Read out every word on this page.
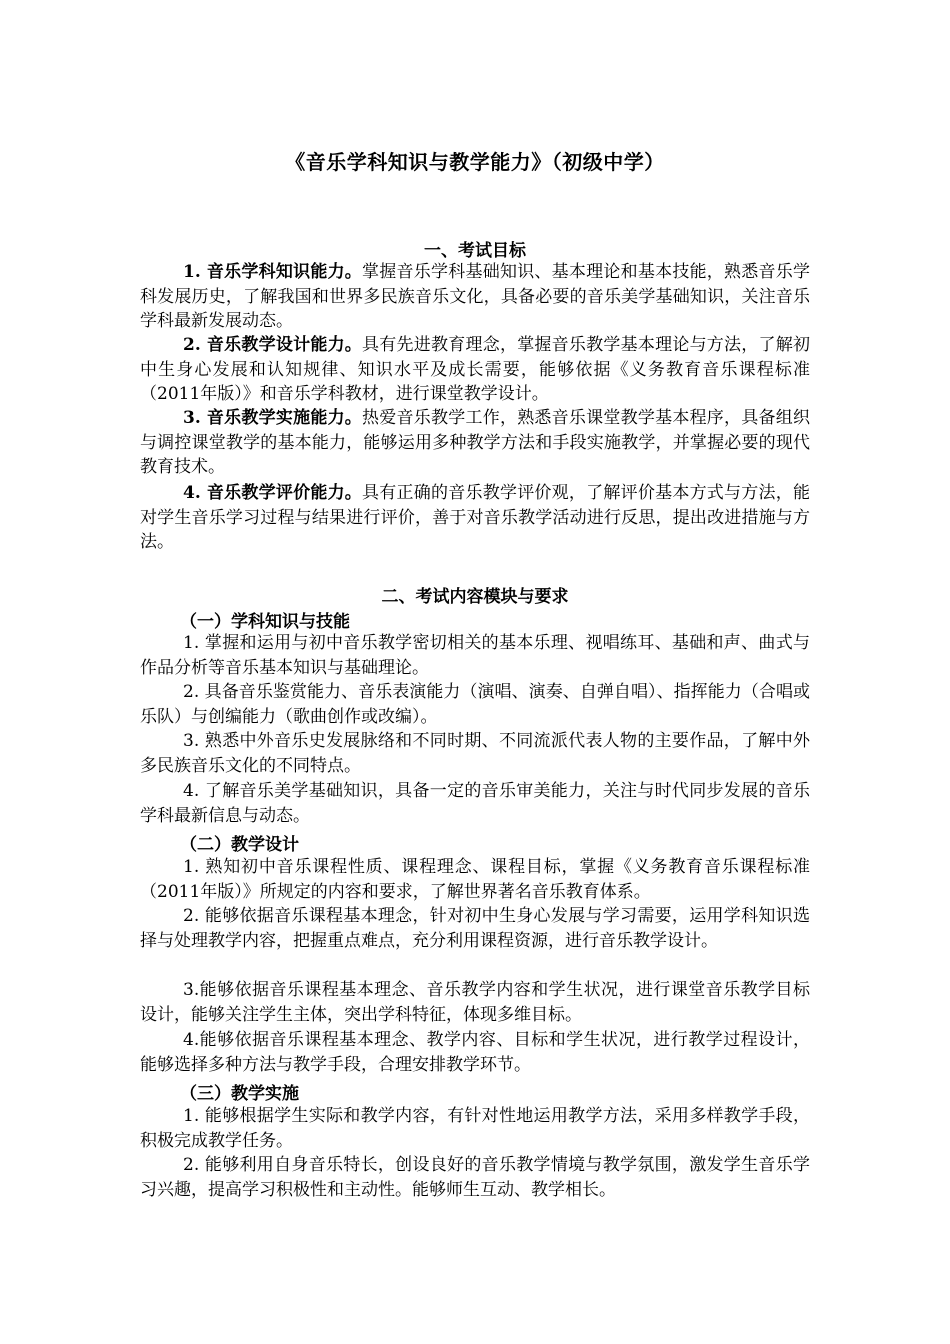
《音乐学科知识与教学能力》（初级中学）
一、考试目标

1. 音乐学科知识能力。掌握音乐学科基础知识、基本理论和基本技能，熟悉音乐学科发展历史，了解我国和世界多民族音乐文化，具备必要的音乐美学基础知识，关注音乐学科最新发展动态。

2. 音乐教学设计能力。具有先进教育理念，掌握音乐教学基本理论与方法，了解初中生身心发展和认知规律、知识水平及成长需要，能够依据《义务教育音乐课程标准（2011年版）》和音乐学科教材，进行课堂教学设计。

3. 音乐教学实施能力。热爱音乐教学工作，熟悉音乐课堂教学基本程序，具备组织与调控课堂教学的基本能力，能够运用多种教学方法和手段实施教学，并掌握必要的现代教育技术。

4. 音乐教学评价能力。具有正确的音乐教学评价观，了解评价基本方式与方法，能对学生音乐学习过程与结果进行评价，善于对音乐教学活动进行反思，提出改进措施与方法。

二、考试内容模块与要求
（一）学科知识与技能

1. 掌握和运用与初中音乐教学密切相关的基本乐理、视唱练耳、基础和声、曲式与作品分析等音乐基本知识与基础理论。

2. 具备音乐鉴赏能力、音乐表演能力（演唱、演奏、自弹自唱）、指挥能力（合唱或乐队）与创编能力（歌曲创作或改编）。

3. 熟悉中外音乐史发展脉络和不同时期、不同流派代表人物的主要作品，了解中外多民族音乐文化的不同特点。

4. 了解音乐美学基础知识，具备一定的音乐审美能力，关注与时代同步发展的音乐学科最新信息与动态。

（二）教学设计

1. 熟知初中音乐课程性质、课程理念、课程目标，掌握《义务教育音乐课程标准（2011年版）》所规定的内容和要求，了解世界著名音乐教育体系。

2. 能够依据音乐课程基本理念，针对初中生身心发展与学习需要，运用学科知识选择与处理教学内容，把握重点难点，充分利用课程资源，进行音乐教学设计。

3.能够依据音乐课程基本理念、音乐教学内容和学生状况，进行课堂音乐教学目标设计，能够关注学生主体，突出学科特征，体现多维目标。

4.能够依据音乐课程基本理念、教学内容、目标和学生状况，进行教学过程设计，能够选择多种方法与教学手段，合理安排教学环节。

（三）教学实施

1. 能够根据学生实际和教学内容，有针对性地运用教学方法，采用多样教学手段，积极完成教学任务。

2. 能够利用自身音乐特长，创设良好的音乐教学情境与教学氛围，激发学生音乐学习兴趣，提高学习积极性和主动性。能够师生互动、教学相长。
